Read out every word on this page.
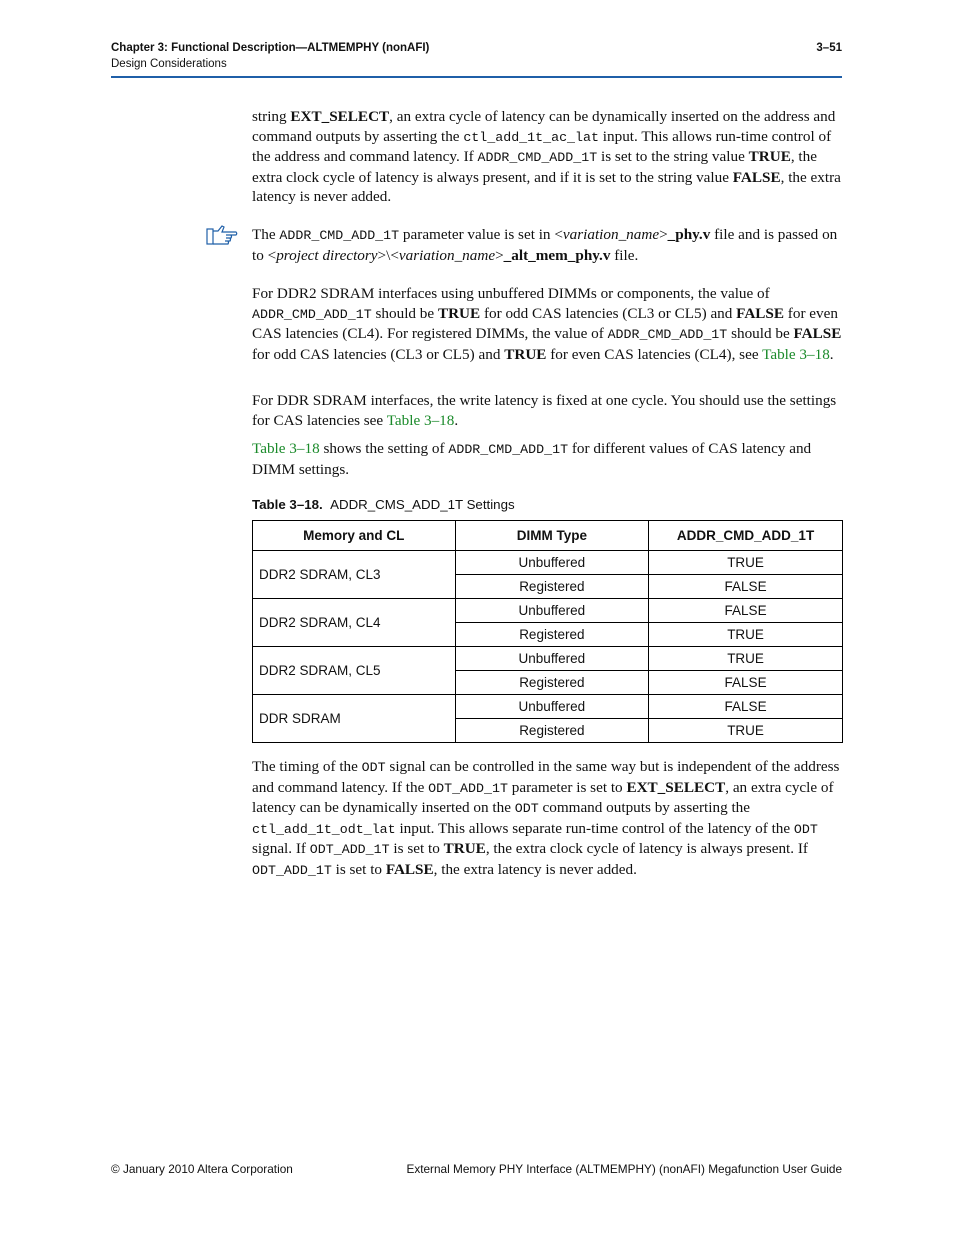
Chapter 3: Functional Description—ALTMEMPHY (nonAFI)
Design Considerations
3–51

string EXT_SELECT, an extra cycle of latency can be dynamically inserted on the address and command outputs by asserting the ctl_add_1t_ac_lat input. This allows run-time control of the address and command latency. If ADDR_CMD_ADD_1T is set to the string value TRUE, the extra clock cycle of latency is always present, and if it is set to the string value FALSE, the extra latency is never added.

The ADDR_CMD_ADD_1T parameter value is set in <variation_name>_phy.v file and is passed on to <project directory>\<variation_name>_alt_mem_phy.v file.

For DDR2 SDRAM interfaces using unbuffered DIMMs or components, the value of ADDR_CMD_ADD_1T should be TRUE for odd CAS latencies (CL3 or CL5) and FALSE for even CAS latencies (CL4). For registered DIMMs, the value of ADDR_CMD_ADD_1T should be FALSE for odd CAS latencies (CL3 or CL5) and TRUE for even CAS latencies (CL4), see Table 3–18.

For DDR SDRAM interfaces, the write latency is fixed at one cycle. You should use the settings for CAS latencies see Table 3–18.

Table 3–18 shows the setting of ADDR_CMD_ADD_1T for different values of CAS latency and DIMM settings.

Table 3–18. ADDR_CMS_ADD_1T Settings
Memory and CL	DIMM Type	ADDR_CMD_ADD_1T
DDR2 SDRAM, CL3	Unbuffered	TRUE
	Registered	FALSE
DDR2 SDRAM, CL4	Unbuffered	FALSE
	Registered	TRUE
DDR2 SDRAM, CL5	Unbuffered	TRUE
	Registered	FALSE
DDR SDRAM	Unbuffered	FALSE
	Registered	TRUE

The timing of the ODT signal can be controlled in the same way but is independent of the address and command latency. If the ODT_ADD_1T parameter is set to EXT_SELECT, an extra cycle of latency can be dynamically inserted on the ODT command outputs by asserting the ctl_add_1t_odt_lat input. This allows separate run-time control of the latency of the ODT signal. If ODT_ADD_1T is set to TRUE, the extra clock cycle of latency is always present. If ODT_ADD_1T is set to FALSE, the extra latency is never added.

© January 2010 Altera Corporation	External Memory PHY Interface (ALTMEMPHY) (nonAFI) Megafunction User Guide
